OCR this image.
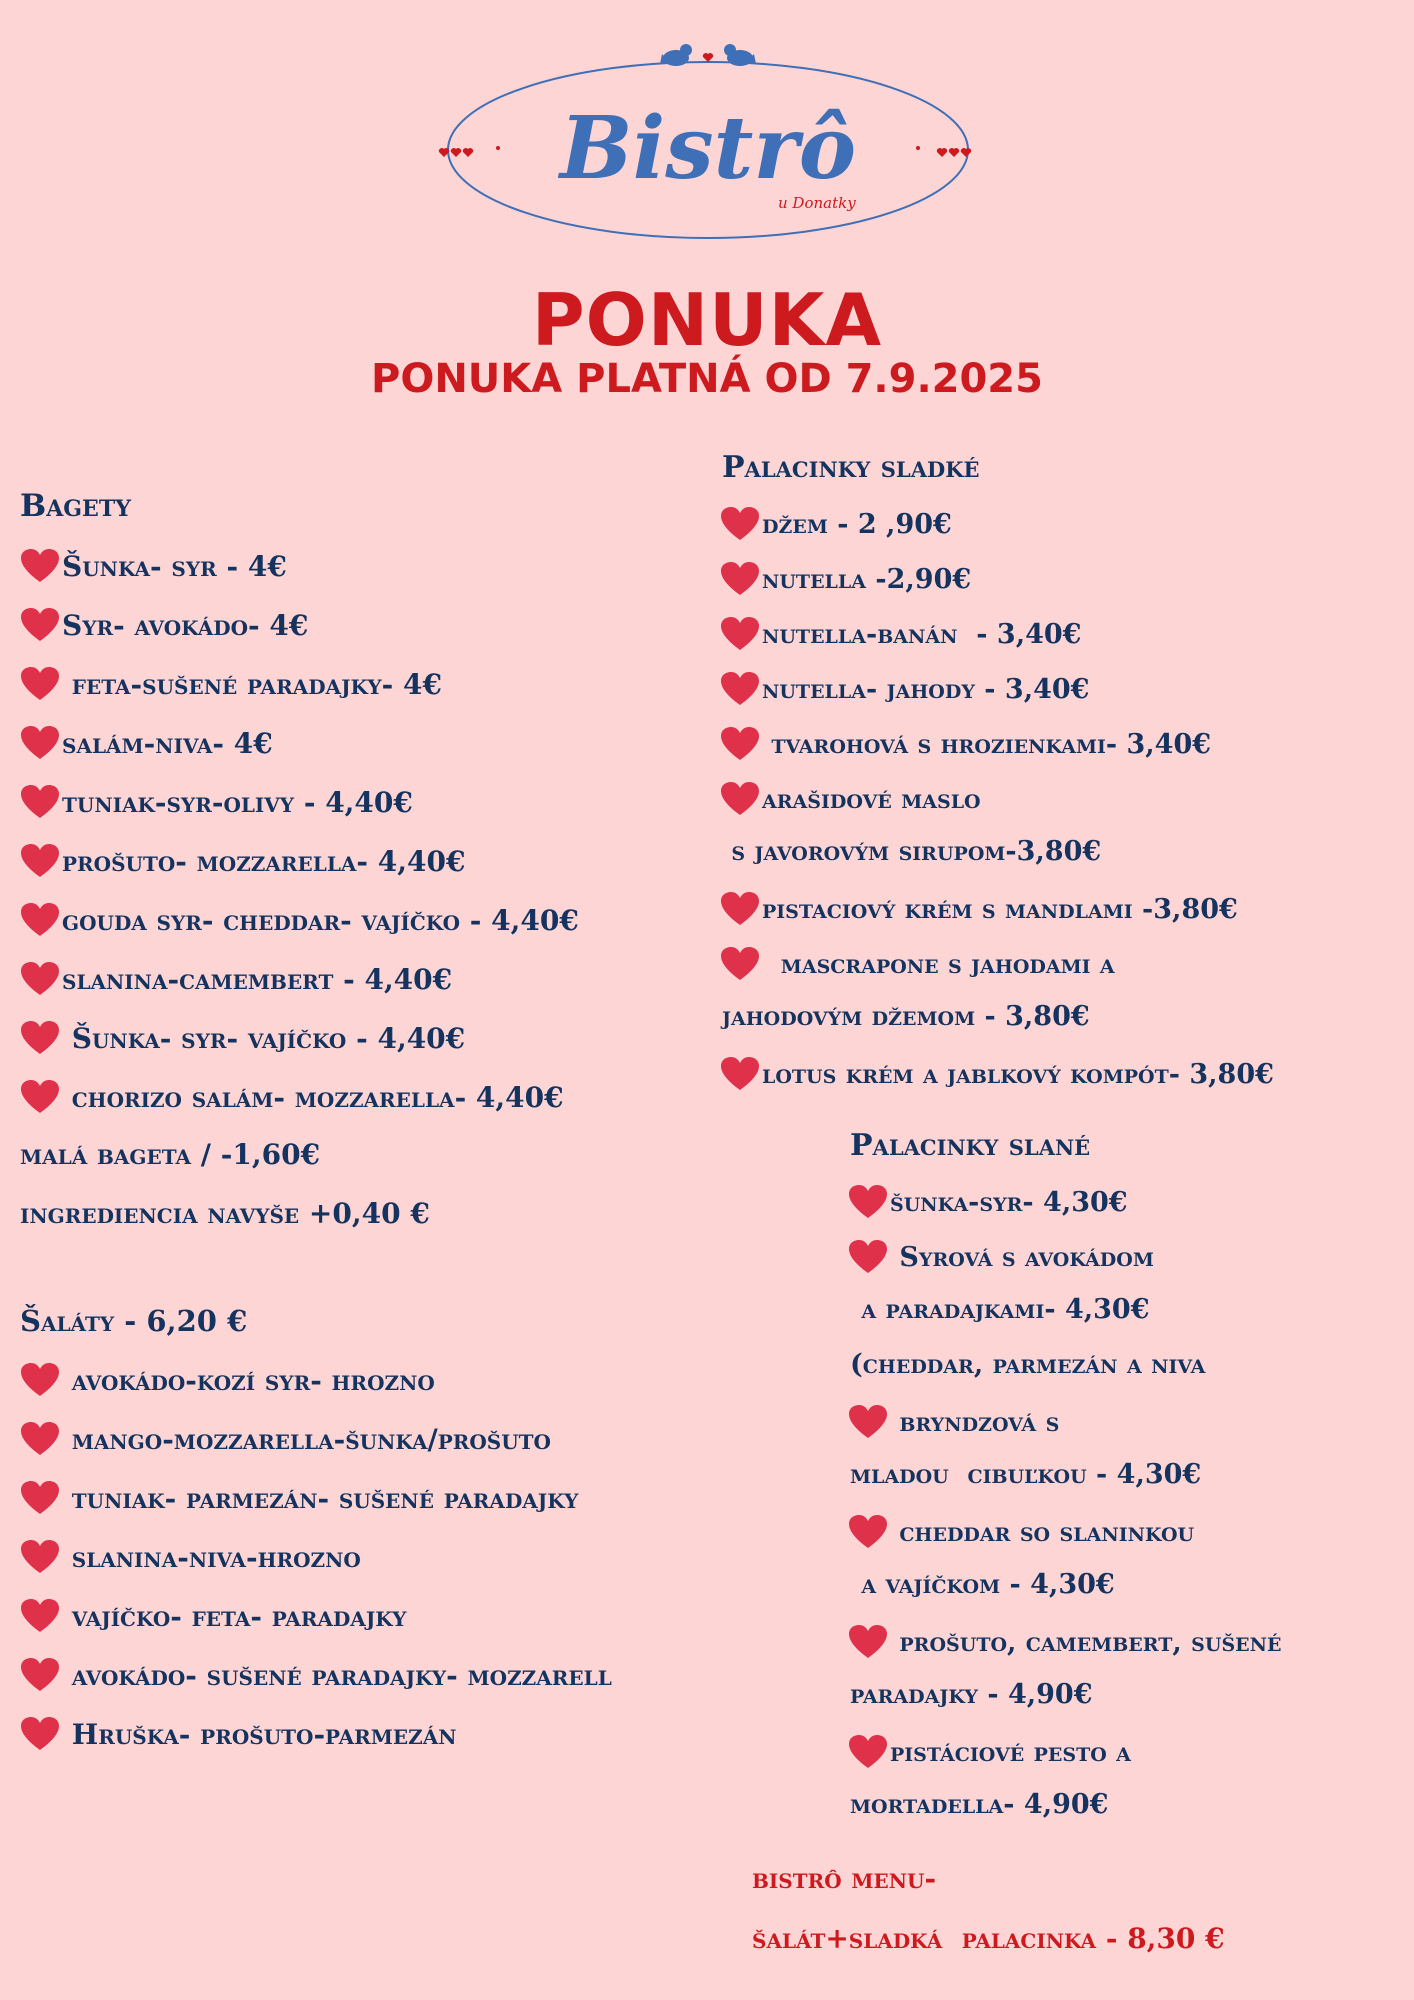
Bistrô
u Donatky
PONUKA
PONUKA PLATNÁ OD 7.9.2025
Bagety
Šunka- syr - 4€
Syr- avokádo- 4€
feta-sušené paradajky- 4€
salám-niva- 4€
tuniak-syr-olivy - 4,40€
prošuto- mozzarella- 4,40€
gouda syr- cheddar- vajíčko - 4,40€
slanina-camembert - 4,40€
Šunka- syr- vajíčko - 4,40€
chorizo salám- mozzarella- 4,40€
malá bageta / -1,60€
ingrediencia navyše +0,40 €
Šaláty - 6,20 €
avokádo-kozí syr- hrozno
mango-mozzarella-šunka/prošuto
tuniak- parmezán- sušené paradajky
slanina-niva-hrozno
vajíčko- feta- paradajky
avokádo- sušené paradajky- mozzarell
Hruška- prošuto-parmezán
Palacinky sladké
džem - 2 ,90€
nutella -2,90€
nutella-banán  - 3,40€
nutella- jahody - 3,40€
tvarohová s hrozienkami- 3,40€
arašidové maslo
s javorovým sirupom-3,80€
pistaciový krém s mandlami -3,80€
mascrapone s jahodami a
jahodovým džemom - 3,80€
lotus krém a jablkový kompót- 3,80€
Palacinky slané
šunka-syr- 4,30€
Syrová s avokádom
a paradajkami- 4,30€
(cheddar, parmezán a niva
bryndzová s
mladou  cibuľkou - 4,30€
cheddar so slaninkou
a vajíčkom - 4,30€
prošuto, camembert, sušené
paradajky - 4,90€
pistáciové pesto a
mortadella- 4,90€
bistrô menu-
šalát+sladká  palacinka - 8,30 €
